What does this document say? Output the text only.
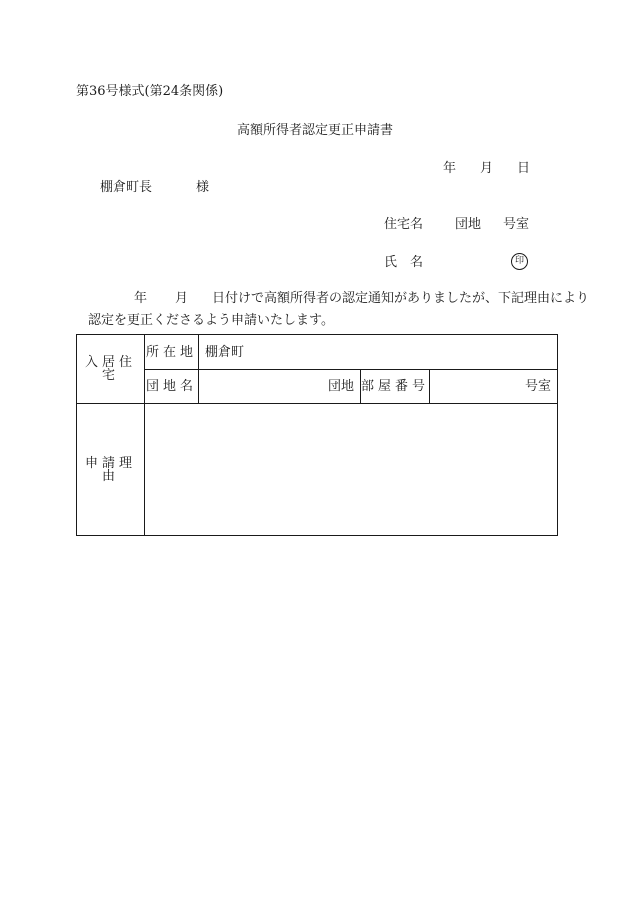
第36号様式(第24条関係)
高額所得者認定更正申請書
年 月 日
棚倉町長	様
住宅名 団地 号室
氏　名	印
年 月 日付けで高額所得者の認定通知がありましたが、下記理由により
認定を更正くださるよう申請いたします。
入居住宅	所在地	棚倉町		
	団地名	団地	部屋番号	号室
申請理由				
